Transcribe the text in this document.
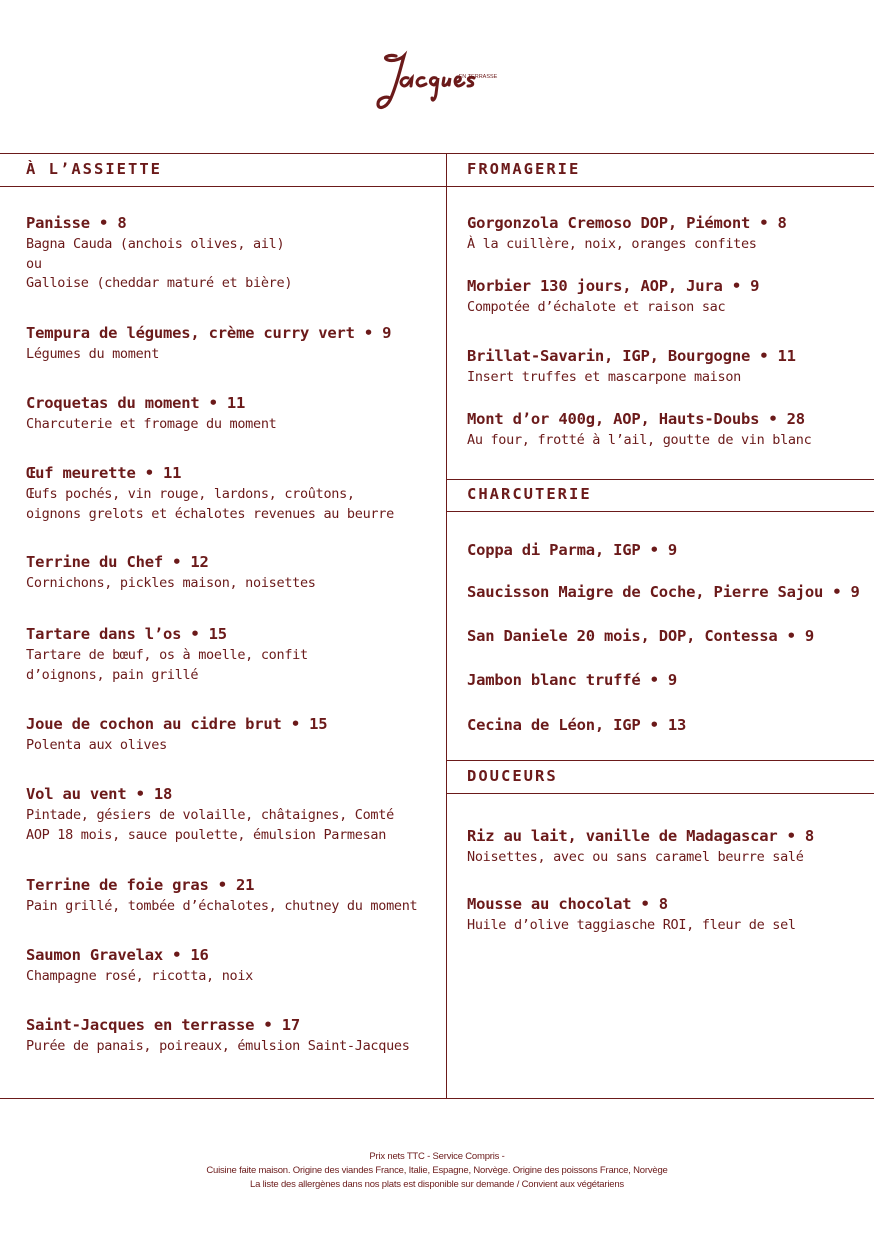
EN TERRASSE
À L’ASSIETTE	FROMAGERIE
CHARCUTERIE
DOUCEURS
Panisse • 8
Bagna Cauda (anchois olives, ail)
ou
Galloise (cheddar maturé et bière)
Tempura de légumes, crème curry vert • 9
Légumes du moment
Croquetas du moment • 11
Charcuterie et fromage du moment
Œuf meurette • 11
Œufs pochés, vin rouge, lardons, croûtons,
oignons grelots et échalotes revenues au beurre
Terrine du Chef • 12
Cornichons, pickles maison, noisettes
Tartare dans l’os • 15
Tartare de bœuf, os à moelle, confit
d’oignons, pain grillé
Joue de cochon au cidre brut • 15
Polenta aux olives
Vol au vent • 18
Pintade, gésiers de volaille, châtaignes, Comté
AOP 18 mois, sauce poulette, émulsion Parmesan
Terrine de foie gras • 21
Pain grillé, tombée d’échalotes, chutney du moment
Saumon Gravelax • 16
Champagne rosé, ricotta, noix
Saint-Jacques en terrasse • 17
Purée de panais, poireaux, émulsion Saint-Jacques
Gorgonzola Cremoso DOP, Piémont • 8
À la cuillère, noix, oranges confites
Morbier 130 jours, AOP, Jura • 9
Compotée d’échalote et raison sac
Brillat-Savarin, IGP, Bourgogne • 11
Insert truffes et mascarpone maison
Mont d’or 400g, AOP, Hauts-Doubs • 28
Au four, frotté à l’ail, goutte de vin blanc
Coppa di Parma, IGP • 9
Saucisson Maigre de Coche, Pierre Sajou • 9
San Daniele 20 mois, DOP, Contessa • 9
Jambon blanc truffé • 9
Cecina de Léon, IGP • 13
Riz au lait, vanille de Madagascar • 8
Noisettes, avec ou sans caramel beurre salé
Mousse au chocolat • 8
Huile d’olive taggiasche ROI, fleur de sel
Prix nets TTC - Service Compris -
Cuisine faite maison. Origine des viandes France, Italie, Espagne, Norvège. Origine des poissons France, Norvège
La liste des allergènes dans nos plats est disponible sur demande / Convient aux végétariens
